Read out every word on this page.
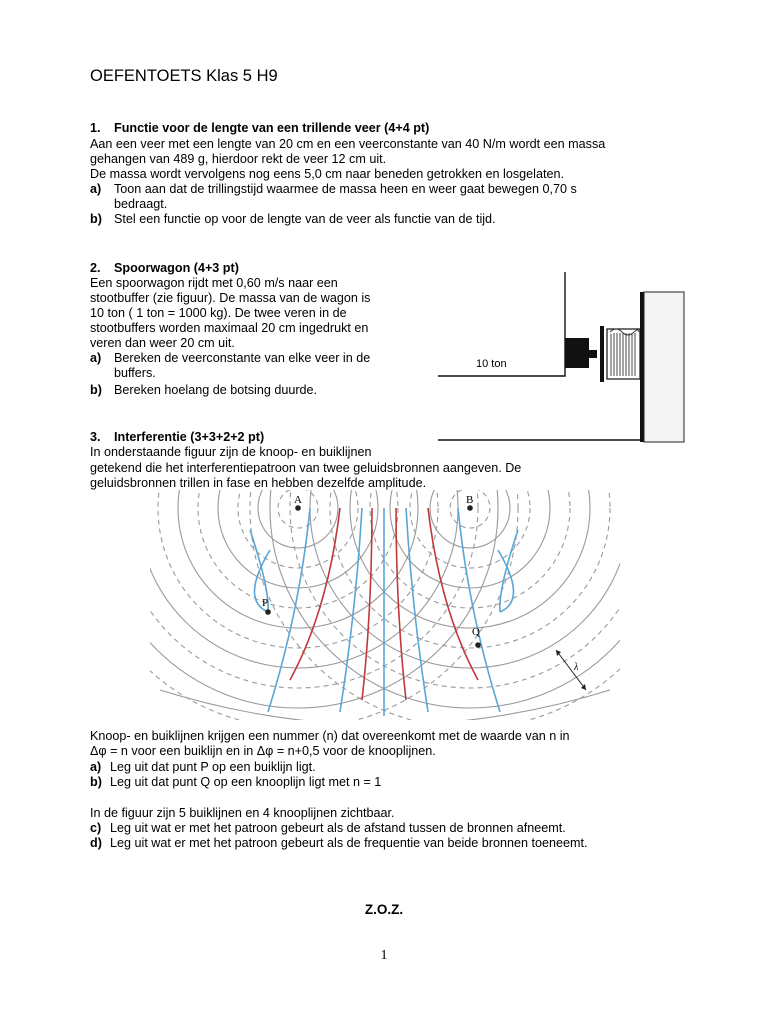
OEFENTOETS Klas 5 H9
1. Functie voor de lengte van een trillende veer (4+4 pt)
Aan een veer met een lengte van 20 cm en een veerconstante van 40 N/m wordt een massa
gehangen van 489 g, hierdoor rekt de veer 12 cm uit.
De massa wordt vervolgens nog eens 5,0 cm naar beneden getrokken en losgelaten.
a) Toon aan dat de trillingstijd waarmee de massa heen en weer gaat bewegen 0,70 s
bedraagt.
b) Stel een functie op voor de lengte van de veer als functie van de tijd.
2. Spoorwagon (4+3 pt)
Een spoorwagon rijdt met 0,60 m/s naar een
stootbuffer (zie figuur). De massa van de wagon is
10 ton ( 1 ton = 1000 kg). De twee veren in de
stootbuffers worden maximaal 20 cm ingedrukt en
veren dan weer 20 cm uit.
a) Bereken de veerconstante van elke veer in de
buffers.
b) Bereken hoelang de botsing duurde.
10 ton
3. Interferentie (3+3+2+2 pt)
In onderstaande figuur zijn de knoop- en buiklijnen
getekend die het interferentiepatroon van twee geluidsbronnen aangeven. De
geluidsbronnen trillen in fase en hebben dezelfde amplitude.
A	B
P
Q
λ
Knoop- en buiklijnen krijgen een nummer (n) dat overeenkomt met de waarde van n in
Δφ = n voor een buiklijn en in Δφ = n+0,5 voor de knooplijnen.
a) Leg uit dat punt P op een buiklijn ligt.
b) Leg uit dat punt Q op een knooplijn ligt met n = 1
In de figuur zijn 5 buiklijnen en 4 knooplijnen zichtbaar.
c) Leg uit wat er met het patroon gebeurt als de afstand tussen de bronnen afneemt.
d) Leg uit wat er met het patroon gebeurt als de frequentie van beide bronnen toeneemt.
Z.O.Z.
1
